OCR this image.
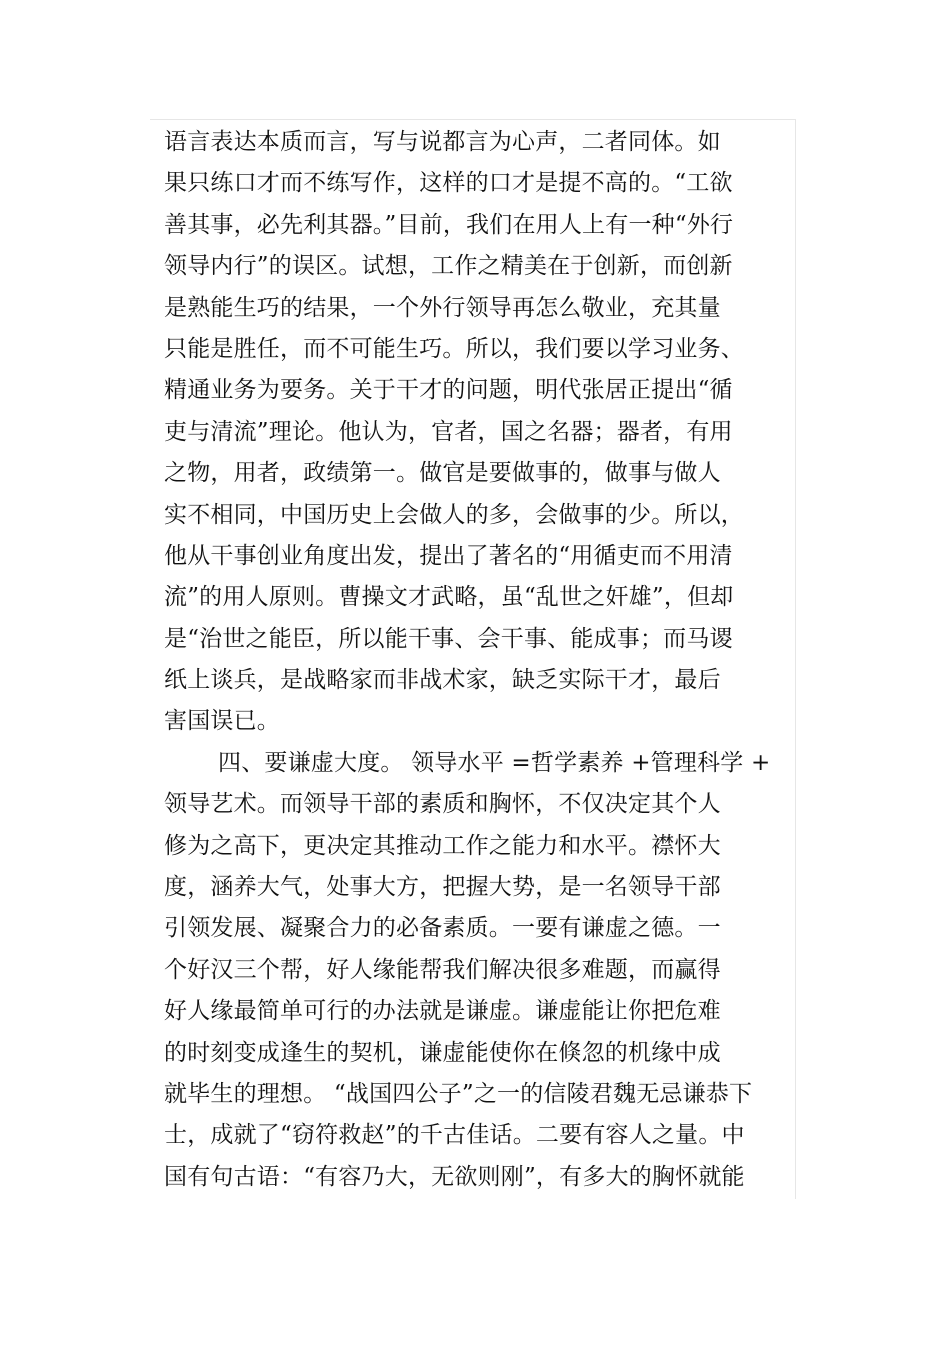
语言表达本质而言，写与说都言为心声，二者同体。如
果只练口才而不练写作，这样的口才是提不高的。“工欲
善其事，必先利其器。”目前，我们在用人上有一种“外行
领导内行”的误区。试想，工作之精美在于创新，而创新
是熟能生巧的结果，一个外行领导再怎么敬业，充其量
只能是胜任，而不可能生巧。所以，我们要以学习业务、
精通业务为要务。关于干才的问题，明代张居正提出“循
吏与清流”理论。他认为，官者，国之名器；器者，有用
之物，用者，政绩第一。做官是要做事的，做事与做人
实不相同，中国历史上会做人的多，会做事的少。所以，
他从干事创业角度出发，提出了著名的“用循吏而不用清
流”的用人原则。曹操文才武略，虽“乱世之奸雄”，但却
是“治世之能臣，所以能干事、会干事、能成事；而马谡
纸上谈兵，是战略家而非战术家，缺乏实际干才，最后
害国误已。
四、要谦虚大度。 领导水平 =哲学素养 +管理科学 +
领导艺术。而领导干部的素质和胸怀，不仅决定其个人
修为之高下，更决定其推动工作之能力和水平。襟怀大
度，涵养大气，处事大方，把握大势，是一名领导干部
引领发展、凝聚合力的必备素质。一要有谦虚之德。一
个好汉三个帮，好人缘能帮我们解决很多难题，而赢得
好人缘最简单可行的办法就是谦虚。谦虚能让你把危难
的时刻变成逢生的契机，谦虚能使你在倏忽的机缘中成
就毕生的理想。 “战国四公子”之一的信陵君魏无忌谦恭下
士，成就了“窃符救赵”的千古佳话。二要有容人之量。中
国有句古语：“有容乃大，无欲则刚”，有多大的胸怀就能
